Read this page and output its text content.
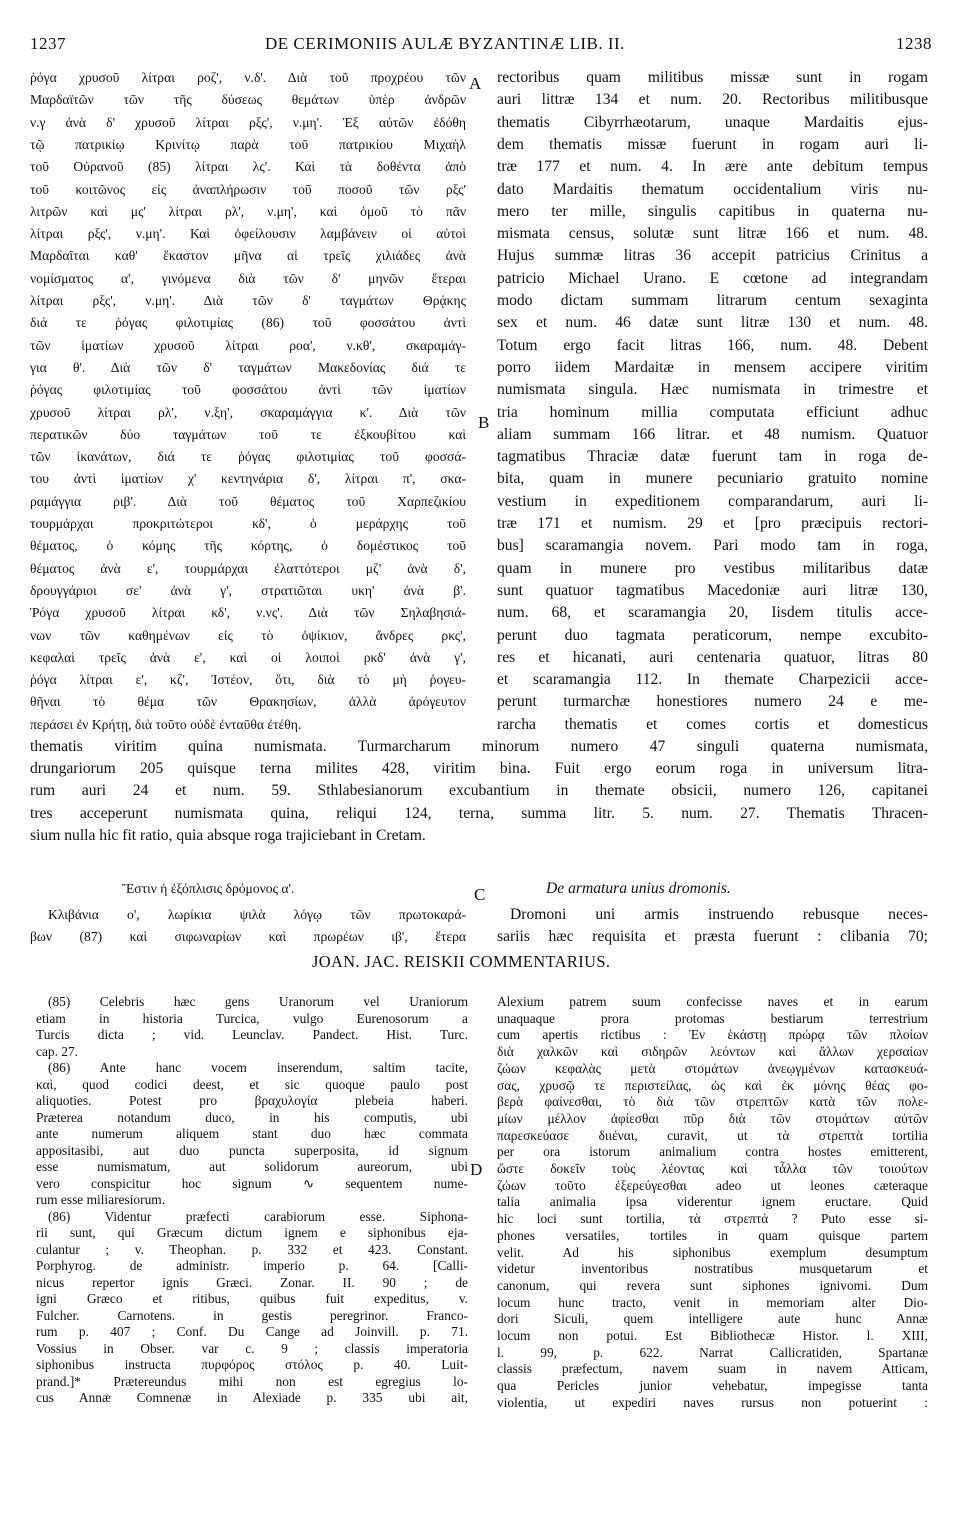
1237	DE CERIMONIIS AULÆ BYZANTINÆ LIB. II.	1238
A
B
C
D
ῥόγα χρυσοῦ λίτραι ροζ', ν.δ'. Διὰ τοῦ προχρέου τῶν
Μαρδαϊτῶν τῶν τῆς δύσεως θεμάτων ὑπὲρ ἀνδρῶν
ν.γ ἀνὰ δ' χρυσοῦ λίτραι ρξς', ν.μη'. Ἐξ αὐτῶν ἐδόθη
τῷ πατρικίῳ Κρινίτῳ παρὰ τοῦ πατρικίου Μιχαὴλ
τοῦ Οὐρανοῦ (85) λίτραι λς'. Καὶ τὰ δοθέντα ἀπὸ
τοῦ κοιτῶνος εἰς ἀναπλήρωσιν τοῦ ποσοῦ τῶν ρξς'
λιτρῶν καὶ μς' λίτραι ρλ', ν.μη', καὶ ὁμοῦ τὸ πᾶν
λίτραι ρξς', ν.μη'. Καὶ ὀφείλουσιν λαμβάνειν οἱ αὐτοὶ
Μαρδαῖται καθ' ἕκαστον μῆνα αἱ τρεῖς χιλιάδες ἀνὰ
νομίσματος α', γινόμενα διὰ τῶν δ' μηνῶν ἕτεραι
λίτραι ρξς', ν.μη'. Διὰ τῶν δ' ταγμάτων Θρᾴκης
διά τε ῥόγας φιλοτιμίας (86) τοῦ φοσσάτου ἀντὶ
τῶν ἱματίων χρυσοῦ λίτραι ροα', ν.κθ', σκαραμάγ-
για θ'. Διὰ τῶν δ' ταγμάτων Μακεδονίας διά τε
ῥόγας φιλοτιμίας τοῦ φοσσάτου ἀντὶ τῶν ἱματίων
χρυσοῦ λίτραι ρλ', ν.ξη', σκαραμάγγια κ'. Διὰ τῶν
περατικῶν δύο ταγμάτων τοῦ τε ἐξκουβίτου καὶ
τῶν ἱκανάτων, διά τε ῥόγας φιλοτιμίας τοῦ φοσσά-
του ἀντὶ ἱματίων χ' κεντηνάρια δ', λίτραι π', σκα-
ραμάγγια ριβ'. Διὰ τοῦ θέματος τοῦ Χαρπεζικίου
τουρμάρχαι προκριτώτεροι κδ', ὁ μεράρχης τοῦ
θέματος, ὁ κόμης τῆς κόρτης, ὁ δομέστικος τοῦ
θέματος ἀνὰ ε', τουρμάρχαι ἐλαττότεροι μζ' ἀνὰ δ',
δρουγγάριοι σε' ἀνὰ γ', στρατιῶται υκη' ἀνὰ β'.
Ῥόγα χρυσοῦ λίτραι κδ', ν.νς'. Διὰ τῶν Σηλαβησιά-
νων τῶν καθημένων εἰς τὸ ὀψίκιον, ἄνδρες ρκς',
κεφαλαὶ τρεῖς ἀνὰ ε', καὶ οἱ λοιποὶ ρκδ' ἀνὰ γ',
ῥόγα λίτραι ε', κζ', Ἰστέον, ὅτι, διὰ τὸ μὴ ῥογευ-
θῆναι τὸ θέμα τῶν Θρακησίων, ἀλλὰ ἀρόγευτον
περάσει ἐν Κρήτῃ, διὰ τοῦτο οὐδὲ ἐνταῦθα ἐτέθη.
rectoribus quam militibus missæ sunt in rogam
auri littræ 134 et num. 20. Rectoribus militibusque
thematis Cibyrrhæotarum, unaque Mardaitis ejus-
dem thematis missæ fuerunt in rogam auri li-
træ 177 et num. 4. In ære ante debitum tempus
dato Mardaitis thematum occidentalium viris nu-
mero ter mille, singulis capitibus in quaterna nu-
mismata census, solutæ sunt litræ 166 et num. 48.
Hujus summæ litras 36 accepit patricius Crinitus a
patricio Michael Urano. E cœtone ad integrandam
modo dictam summam litrarum centum sexaginta
sex et num. 46 datæ sunt litræ 130 et num. 48.
Totum ergo facit litras 166, num. 48. Debent
porro iidem Mardaitæ in mensem accipere viritim
numismata singula. Hæc numismata in trimestre et
tria hominum millia computata efficiunt adhuc
aliam summam 166 litrar. et 48 numism. Quatuor
tagmatibus Thraciæ datæ fuerunt tam in roga de-
bita, quam in munere pecuniario gratuito nomine
vestium in expeditionem comparandarum, auri li-
træ 171 et numism. 29 et [pro præcipuis rectori-
bus] scaramangia novem. Pari modo tam in roga,
quam in munere pro vestibus militaribus datæ
sunt quatuor tagmatibus Macedoniæ auri litræ 130,
num. 68, et scaramangia 20, Iisdem titulis acce-
perunt duo tagmata peraticorum, nempe excubito-
res et hicanati, auri centenaria quatuor, litras 80
et scaramangia 112. In themate Charpezicii acce-
perunt turmarchæ honestiores numero 24 e me-
rarcha thematis et comes cortis et domesticus
thematis viritim quina numismata. Turmarcharum minorum numero 47 singuli quaterna numismata,
drungariorum 205 quisque terna milites 428, viritim bina. Fuit ergo eorum roga in universum litra-
rum auri 24 et num. 59. Sthlabesianorum excubantium in themate obsicii, numero 126, capitanei
tres acceperunt numismata quina, reliqui 124, terna, summa litr. 5. num. 27. Thematis Thracen-
sium nulla hic fit ratio, quia absque roga trajiciebant in Cretam.
Ἔστιν ἡ ἐξόπλισις δρόμονος α'.	De armatura unius dromonis.
Κλιβάνια ο', λωρίκια ψιλὰ λόγῳ τῶν πρωτοκαρά-
βων (87) καὶ σιφωναρίων καὶ πρωρέων ιβ', ἕτερα
Dromoni uni armis instruendo rebusque neces-
sariis hæc requisita et præsta fuerunt : clibania 70;
JOAN. JAC. REISKII COMMENTARIUS.
(85) Celebris hæc gens Uranorum vel Uraniorum
etiam in historia Turcica, vulgo Eurenosorum a
Turcis dicta ; vid. Leunclav. Pandect. Hist. Turc.
cap. 27.
(86) Ante hanc vocem inserendum, saltim tacite,
καὶ, quod codici deest, et sic quoque paulo post
aliquoties. Potest pro βραχυλογία plebeia haberi.
Præterea notandum duco, in his computis, ubi
ante numerum aliquem stant duo hæc commata
appositasibi, aut duo puncta superposita, id signum
esse numismatum, aut solidorum aureorum, ubi
vero conspicitur hoc signum ∿ sequentem nume-
rum esse miliaresiorum.
(86) Videntur præfecti carabiorum esse. Siphona-
rii sunt, qui Græcum dictum ignem e siphonibus eja-
culantur ; v. Theophan. p. 332 et 423. Constant.
Porphyrog. de administr. imperio p. 64. [Calli-
nicus repertor ignis Græci. Zonar. II. 90 ; de
igni Græco et ritibus, quibus fuit expeditus, v.
Fulcher. Carnotens. in gestis peregrinor. Franco-
rum p. 407 ; Conf. Du Cange ad Joinvill. p. 71.
Vossius in Obser. var c. 9 ; classis imperatoria
siphonibus instructa πυρφόρος στόλος p. 40. Luit-
prand.]* Prætereundus mihi non est egregius lo-
cus Annæ Comnenæ in Alexiade p. 335 ubi ait,
Alexium patrem suum confecisse naves et in earum
unaquaque prora protomas bestiarum terrestrium
cum apertis rictibus : Ἐν ἑκάστῃ πρώρᾳ τῶν πλοίων
διὰ χαλκῶν καὶ σιδηρῶν λεόντων καὶ ἄλλων χερσαίων
ζώων κεφαλὰς μετὰ στομάτων ἀνεῳγμένων κατασκευά-
σας, χρυσῷ τε περιστείλας, ὡς καὶ ἐκ μόνης θέας φο-
βερὰ φαίνεσθαι, τὸ διὰ τῶν στρεπτῶν κατὰ τῶν πολε-
μίων μέλλον ἀφίεσθαι πῦρ διὰ τῶν στομάτων αὐτῶν
παρεσκεύασε διιέναι, curavit, ut τὰ στρεπτὰ tortilia
per ora istorum animalium contra hostes emitterent,
ὥστε δοκεῖν τοὺς λέοντας καὶ τἆλλα τῶν τοιούτων
ζώων τοῦτο ἐξερεύγεσθαι adeo ut leones cæteraque
talia animalia ipsa viderentur ignem eructare. Quid
hic loci sunt tortilia, τὰ στρεπτά ? Puto esse si-
phones versatiles, tortiles in quam quisque partem
velit. Ad his siphonibus exemplum desumptum
videtur inventoribus nostratibus musquetarum et
canonum, qui revera sunt siphones ignivomi. Dum
locum hunc tracto, venit in memoriam alter Dio-
dori Siculi, quem intelligere aute hunc Annæ
locum non potui. Est Bibliothecæ Histor. l. XIII,
l. 99, p. 622. Narrat Callicratiden, Spartanæ
classis præfectum, navem suam in navem Atticam,
qua Pericles junior vehebatur, impegisse tanta
violentia, ut expediri naves rursus non potuerint :
